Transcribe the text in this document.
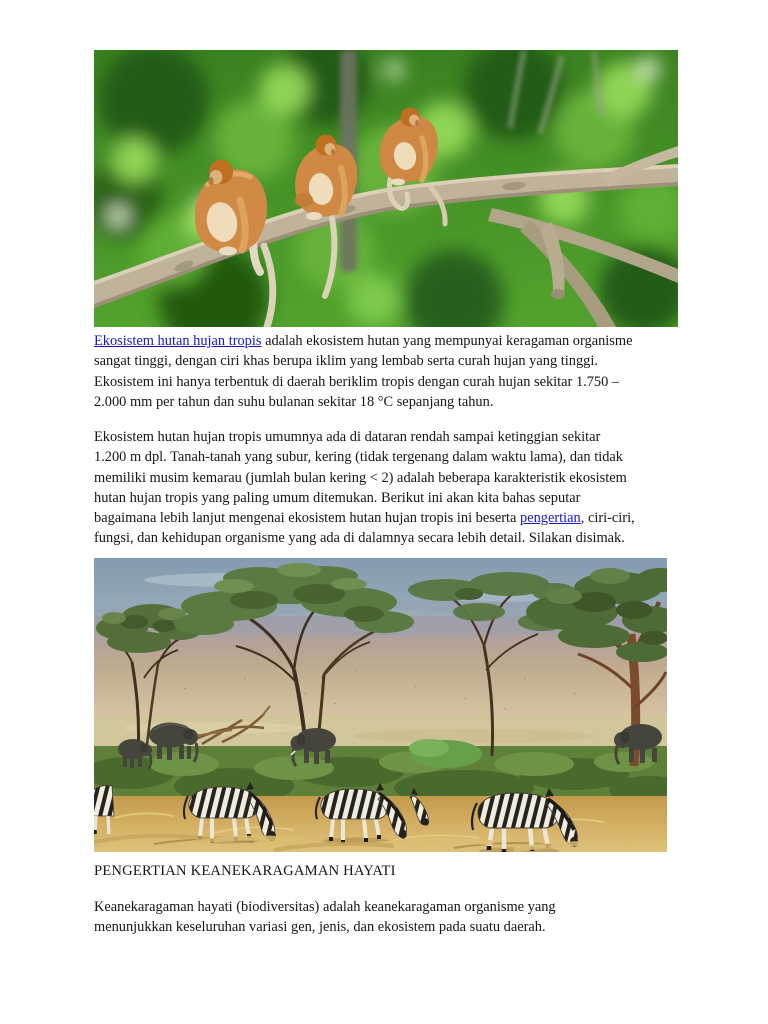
Ekosistem hutan hujan tropis adalah ekosistem hutan yang mempunyai keragaman organisme
sangat tinggi, dengan ciri khas berupa iklim yang lembab serta curah hujan yang tinggi.
Ekosistem ini hanya terbentuk di daerah beriklim tropis dengan curah hujan sekitar 1.750 –
2.000 mm per tahun dan suhu bulanan sekitar 18 °C sepanjang tahun.
Ekosistem hutan hujan tropis umumnya ada di dataran rendah sampai ketinggian sekitar
1.200 m dpl. Tanah-tanah yang subur, kering (tidak tergenang dalam waktu lama), dan tidak
memiliki musim kemarau (jumlah bulan kering < 2) adalah beberapa karakteristik ekosistem
hutan hujan tropis yang paling umum ditemukan. Berikut ini akan kita bahas seputar
bagaimana lebih lanjut mengenai ekosistem hutan hujan tropis ini beserta pengertian, ciri-ciri,
fungsi, dan kehidupan organisme yang ada di dalamnya secara lebih detail. Silakan disimak.
PENGERTIAN KEANEKARAGAMAN HAYATI
Keanekaragaman hayati (biodiversitas) adalah keanekaragaman organisme yang
menunjukkan keseluruhan variasi gen, jenis, dan ekosistem pada suatu daerah.
